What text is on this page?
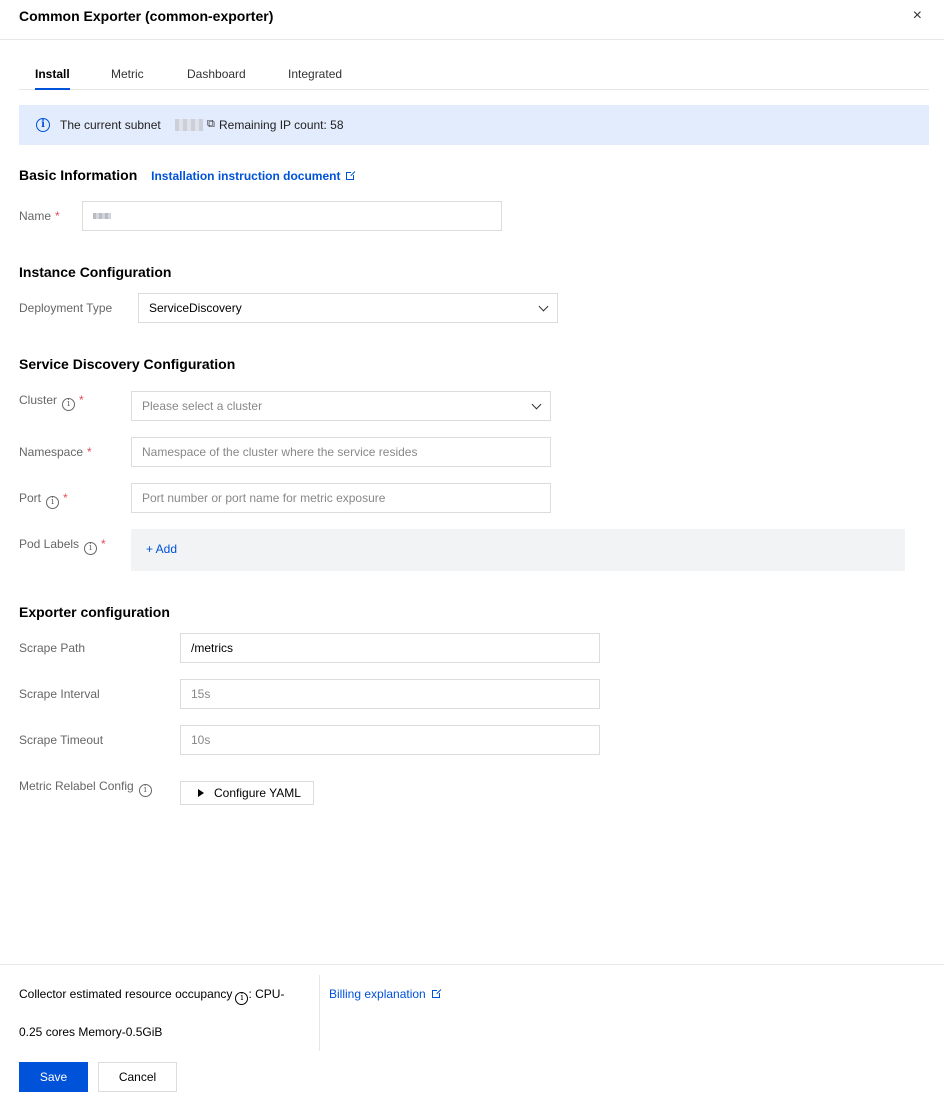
Common Exporter (common-exporter)	×
Install	Metric	Dashboard	Integrated
i	The current subnet	⧉ Remaining IP count: 58
Basic Information Installation instruction document
Name *
Instance Configuration
Deployment Type	ServiceDiscovery
Service Discovery Configuration
Cluster i *	Please select a cluster
Namespace *	Namespace of the cluster where the service resides
Port i *	Port number or port name for metric exposure
Pod Labels i *	+ Add
Exporter configuration
Scrape Path	/metrics
Scrape Interval	15s
Scrape Timeout	10s
Metric Relabel Config i	Configure YAML
Collector estimated resource occupancy i : CPU-
0.25 cores Memory-0.5GiB
Billing explanation
Save	Cancel
